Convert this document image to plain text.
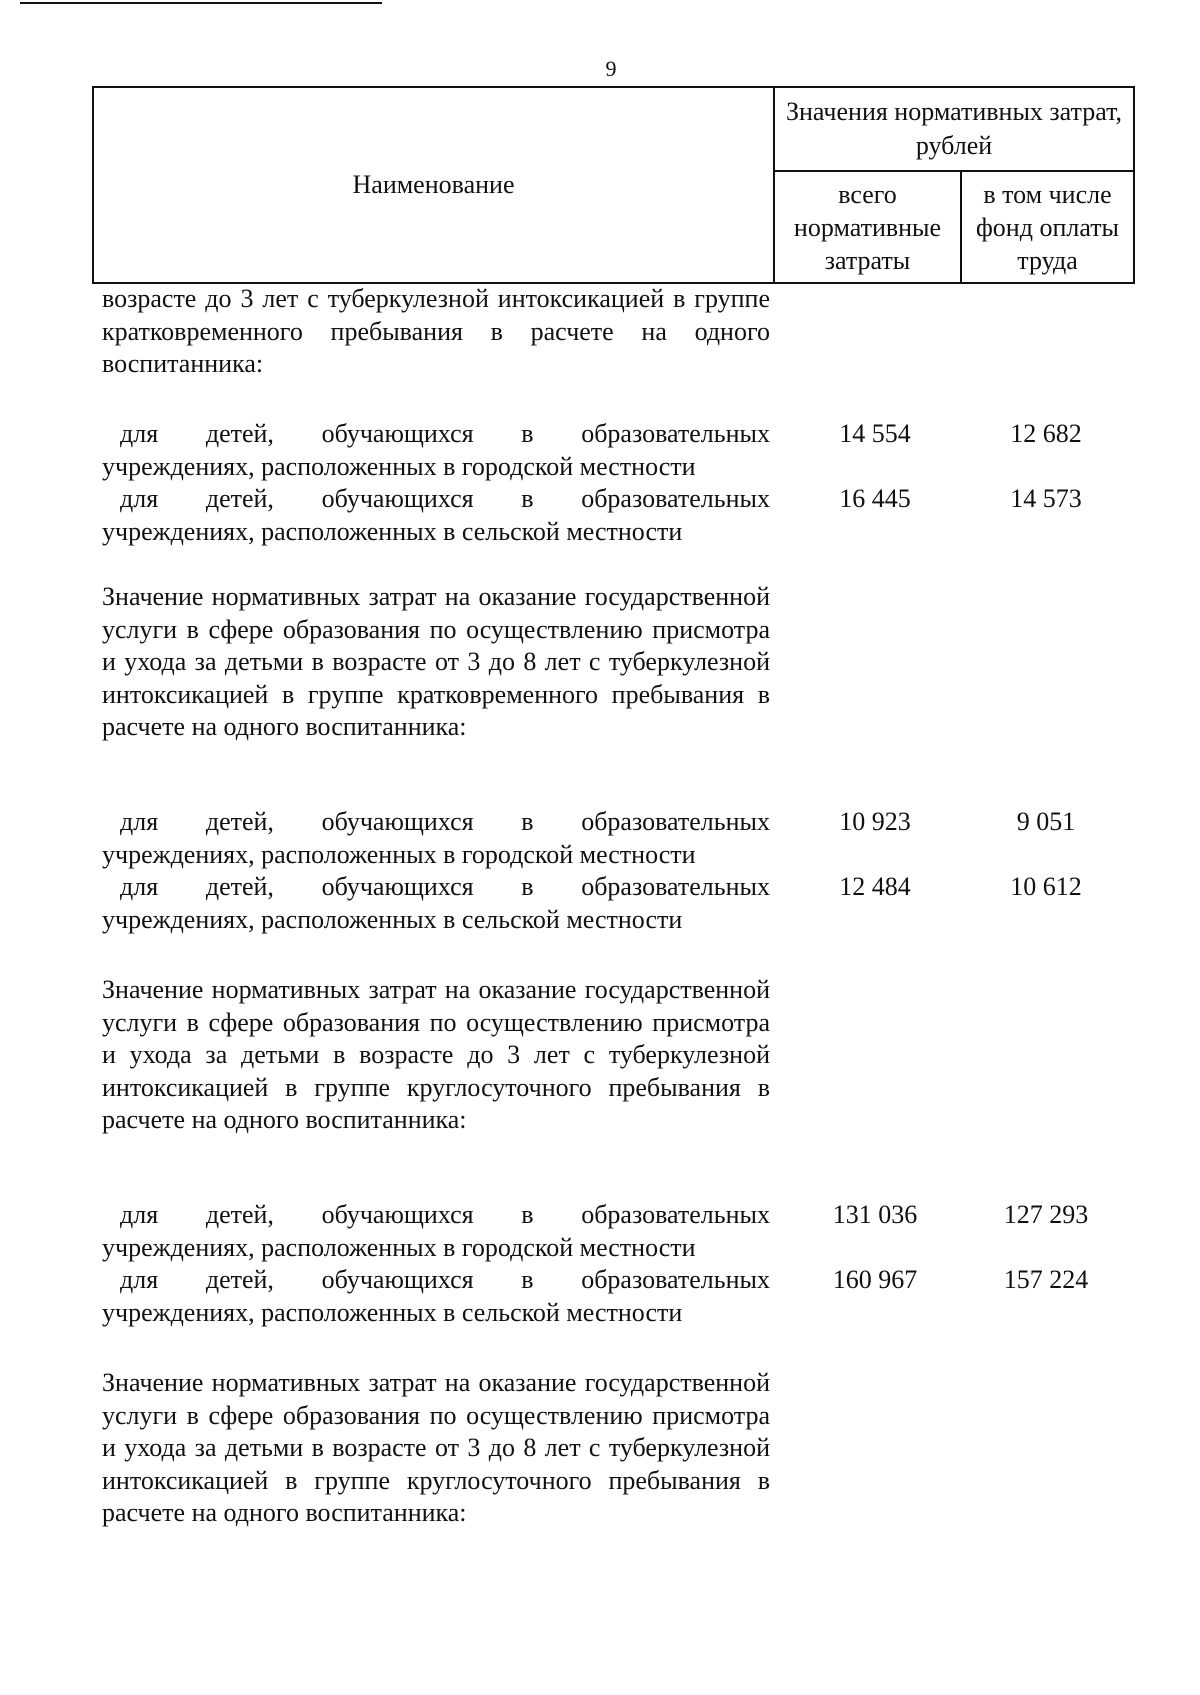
9
Наименование
Значения нормативных затрат, рублей
всего нормативные затраты
в том числе фонд оплаты труда
возрасте до 3 лет с туберкулезной интоксикацией в группе кратковременного пребывания в расчете на одного воспитанника:
для детей, обучающихся в образовательных
учреждениях, расположенных в городской местности
14 554	12 682
для детей, обучающихся в образовательных
учреждениях, расположенных в сельской местности
16 445	14 573
Значение нормативных затрат на оказание государственной услуги в сфере образования по осуществлению присмотра и ухода за детьми в возрасте от 3 до 8 лет с туберкулезной интоксикацией в группе кратковременного пребывания в расчете на одного воспитанника:
для детей, обучающихся в образовательных
учреждениях, расположенных в городской местности
10 923	9 051
для детей, обучающихся в образовательных
учреждениях, расположенных в сельской местности
12 484	10 612
Значение нормативных затрат на оказание государственной услуги в сфере образования по осуществлению присмотра и ухода за детьми в возрасте до 3 лет с туберкулезной интоксикацией в группе круглосуточного пребывания в расчете на одного воспитанника:
для детей, обучающихся в образовательных
учреждениях, расположенных в городской местности
131 036	127 293
для детей, обучающихся в образовательных
учреждениях, расположенных в сельской местности
160 967	157 224
Значение нормативных затрат на оказание государственной услуги в сфере образования по осуществлению присмотра и ухода за детьми в возрасте от 3 до 8 лет с туберкулезной интоксикацией в группе круглосуточного пребывания в расчете на одного воспитанника:
